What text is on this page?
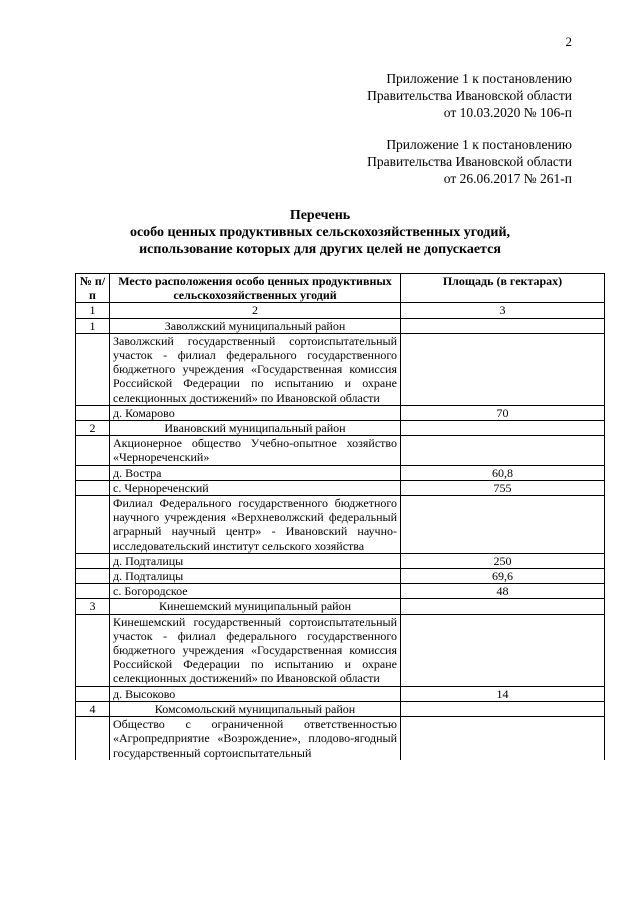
2
Приложение 1 к постановлению
Правительства Ивановской области
от 10.03.2020 № 106-п
Приложение 1 к постановлению
Правительства Ивановской области
от 26.06.2017 № 261-п
Перечень
особо ценных продуктивных сельскохозяйственных угодий,
использование которых для других целей не допускается
№ п/п	Место расположения особо ценных продуктивных сельскохозяйственных угодий	Площадь (в гектарах)
1	2	3
1	Заволжский муниципальный район	
	Заволжский государственный сортоиспытательный участок - филиал федерального государственного бюджетного учреждения «Государственная комиссия Российской Федерации по испытанию и охране селекционных достижений» по Ивановской области	
	д. Комарово	70
2	Ивановский муниципальный район	
	Акционерное общество Учебно-опытное хозяйство «Чернореченский»	
	д. Востра	60,8
	с. Чернореченский	755
	Филиал Федерального государственного бюджетного научного учреждения «Верхневолжский федеральный аграрный научный центр» - Ивановский научно-исследовательский институт сельского хозяйства	
	д. Подталицы	250
	д. Подталицы	69,6
	с. Богородское	48
3	Кинешемский муниципальный район	
	Кинешемский государственный сортоиспытательный участок - филиал федерального государственного бюджетного учреждения «Государственная комиссия Российской Федерации по испытанию и охране селекционных достижений» по Ивановской области	
	д. Высоково	14
4	Комсомольский муниципальный район	
	Общество с ограниченной ответственностью «Агропредприятие «Возрождение», плодово-ягодный государственный сортоиспытательный	
